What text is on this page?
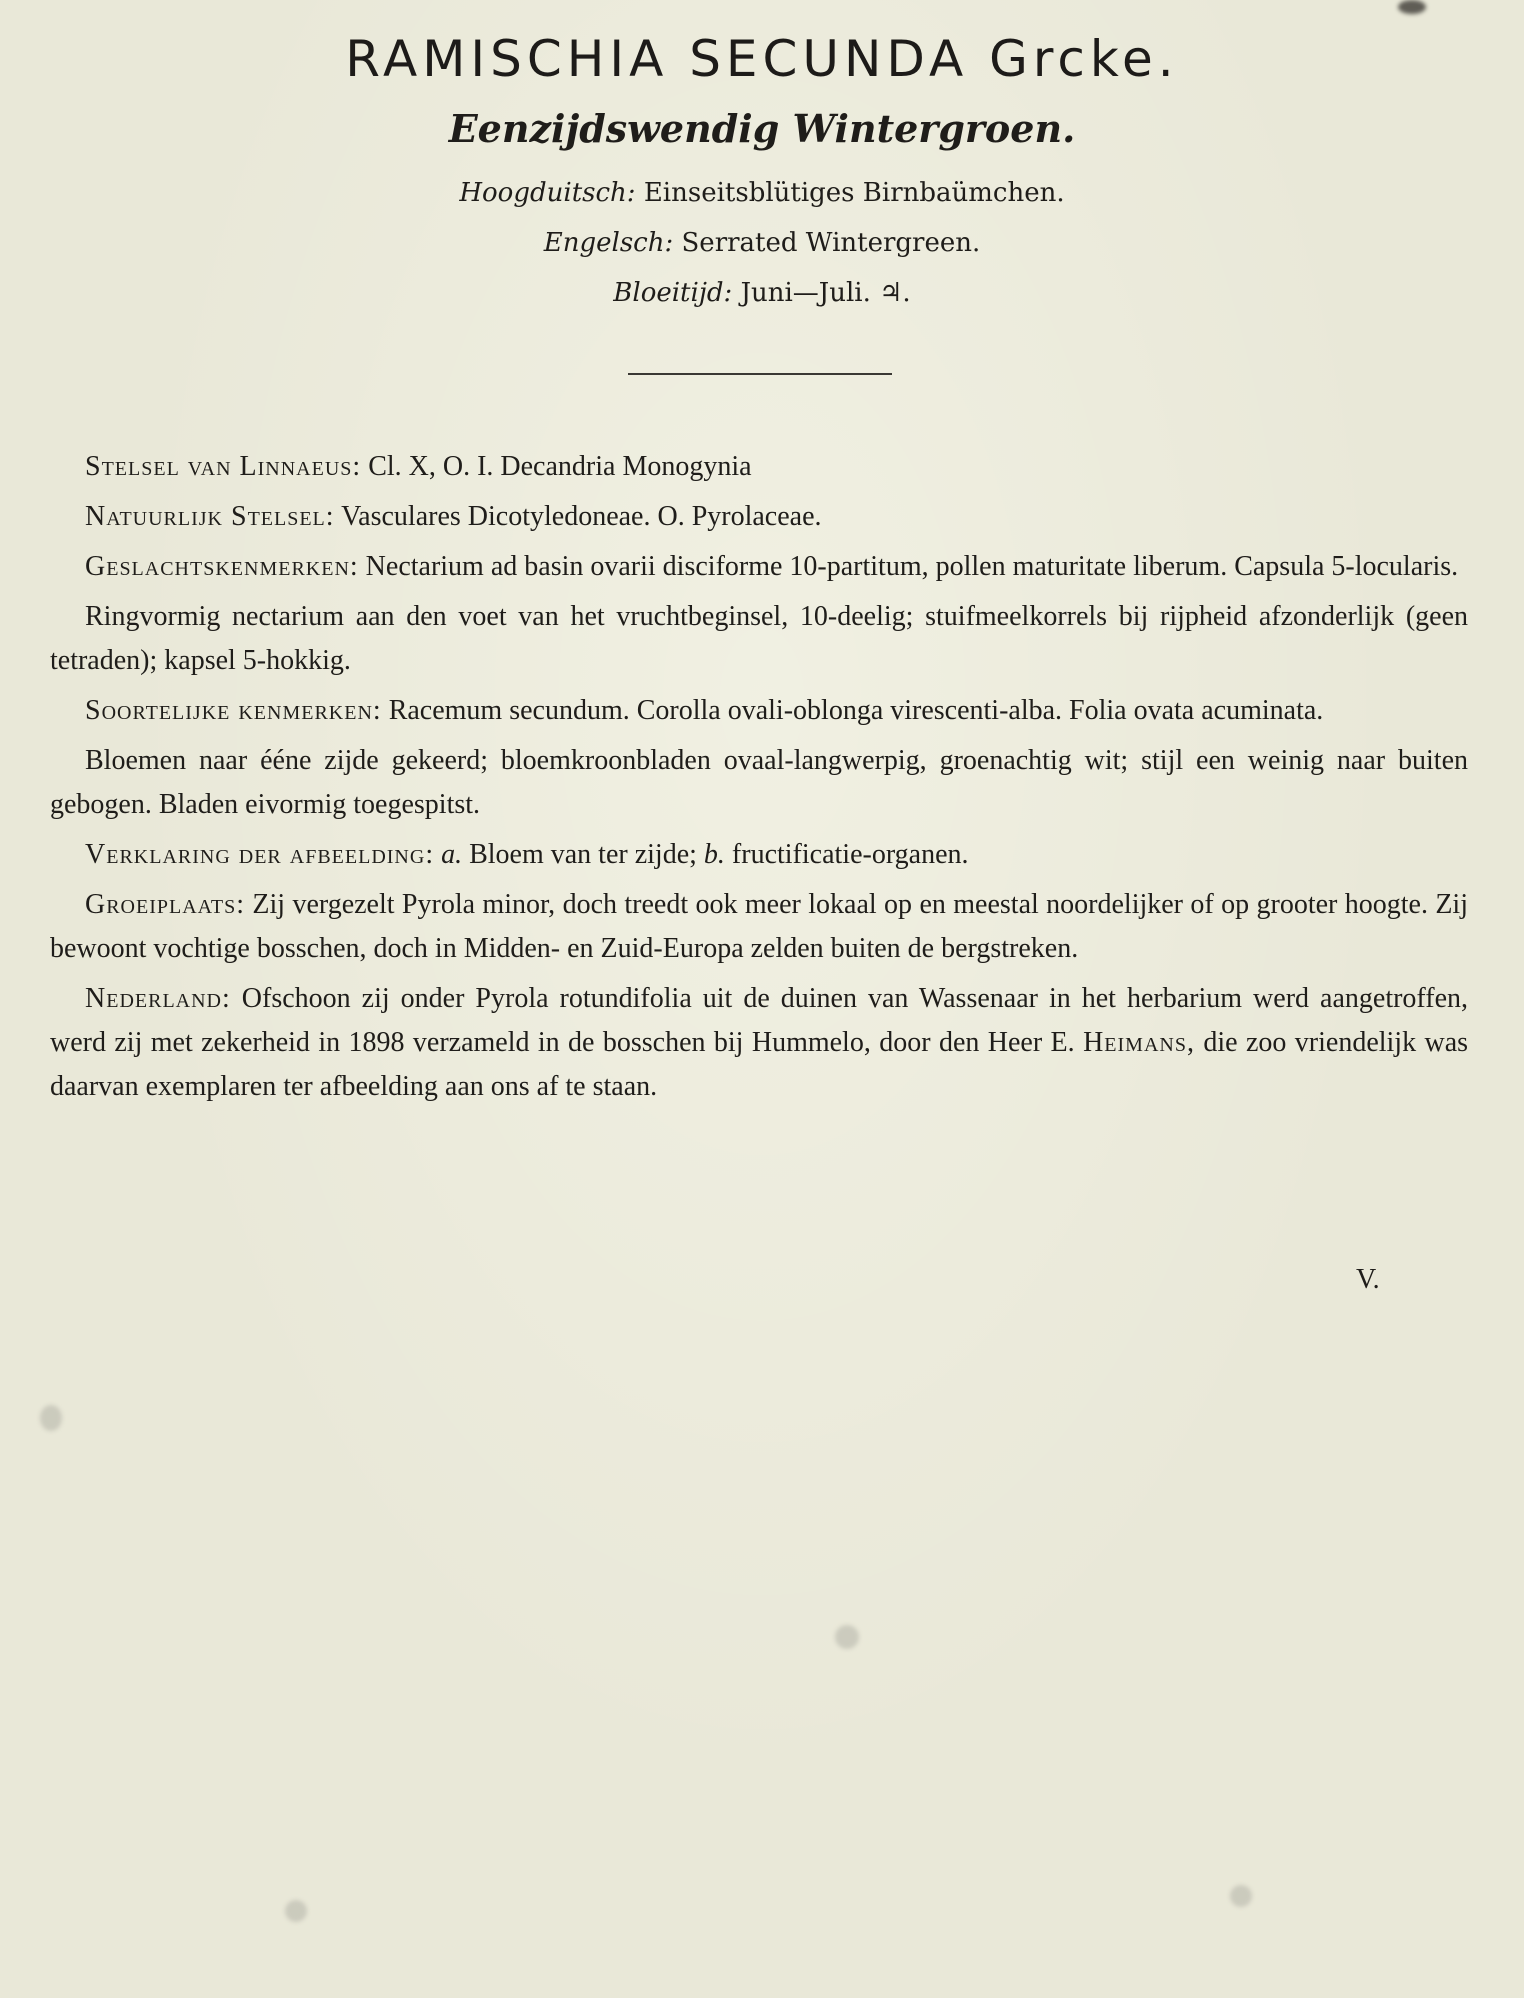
RAMISCHIA SECUNDA Grcke.
Eenzijdswendig Wintergroen.

Hoogduitsch: Einseitsblütiges Birnbaümchen.

Engelsch: Serrated Wintergreen.

Bloeitijd: Juni—Juli. ♃.

Stelsel van Linnaeus: Cl. X, O. I. Decandria Monogynia

Natuurlijk Stelsel: Vasculares Dicotyledoneae. O. Pyrolaceae.

Geslachtskenmerken: Nectarium ad basin ovarii disciforme 10-partitum, pollen maturitate liberum. Capsula 5-locularis.

Ringvormig nectarium aan den voet van het vruchtbeginsel, 10-deelig; stuifmeelkorrels bij rijpheid afzonderlijk (geen tetraden); kapsel 5-hokkig.

Soortelijke kenmerken: Racemum secundum. Corolla ovali-oblonga virescenti-alba. Folia ovata acuminata.

Bloemen naar ééne zijde gekeerd; bloemkroonbladen ovaal-langwerpig, groenachtig wit; stijl een weinig naar buiten gebogen. Bladen eivormig toegespitst.

Verklaring der afbeelding: a. Bloem van ter zijde; b. fructificatie-organen.

Groeiplaats: Zij vergezelt Pyrola minor, doch treedt ook meer lokaal op en meestal noordelijker of op grooter hoogte. Zij bewoont vochtige bosschen, doch in Midden- en Zuid-Europa zelden buiten de bergstreken.

Nederland: Ofschoon zij onder Pyrola rotundifolia uit de duinen van Wassenaar in het herbarium werd aangetroffen, werd zij met zekerheid in 1898 verzameld in de bosschen bij Hummelo, door den Heer E. Heimans, die zoo vriendelijk was daarvan exemplaren ter afbeelding aan ons af te staan.

V.
